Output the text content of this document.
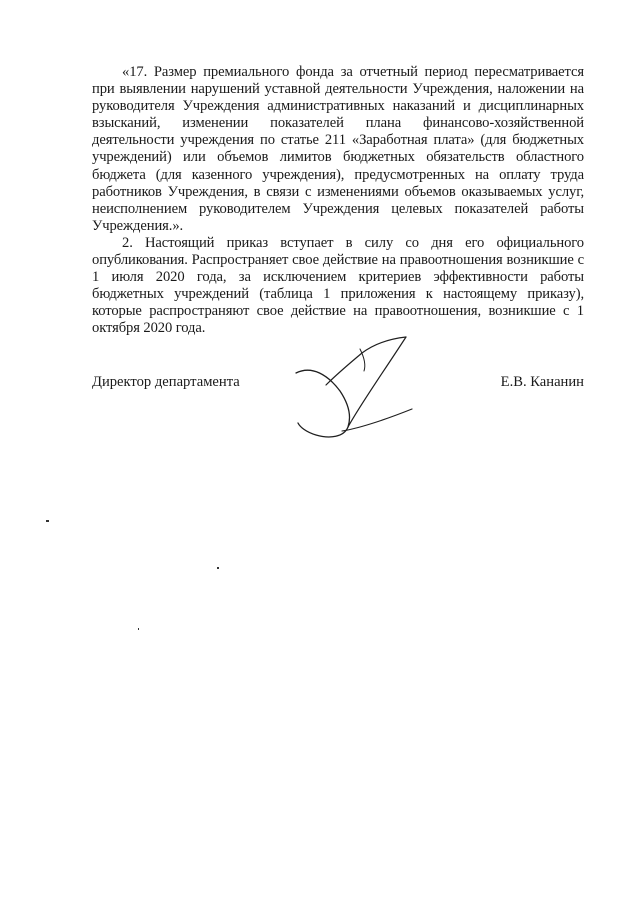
«17. Размер премиального фонда за отчетный период пересматривается при выявлении нарушений уставной деятельности Учреждения, наложении на руководителя Учреждения административных наказаний и дисциплинарных взысканий, изменении показателей плана финансово-хозяйственной деятельности учреждения по статье 211 «Заработная плата» (для бюджетных учреждений) или объемов лимитов бюджетных обязательств областного бюджета (для казенного учреждения), предусмотренных на оплату труда работников Учреждения, в связи с изменениями объемов оказываемых услуг, неисполнением руководителем Учреждения целевых показателей работы Учреждения.».

2. Настоящий приказ вступает в силу со дня его официального опубликования. Распространяет свое действие на правоотношения возникшие с 1 июля 2020 года, за исключением критериев эффективности работы бюджетных учреждений (таблица 1 приложения к настоящему приказу), которые распространяют свое действие на правоотношения, возникшие с 1 октября 2020 года.

Директор департамента	Е.В. Кананин
